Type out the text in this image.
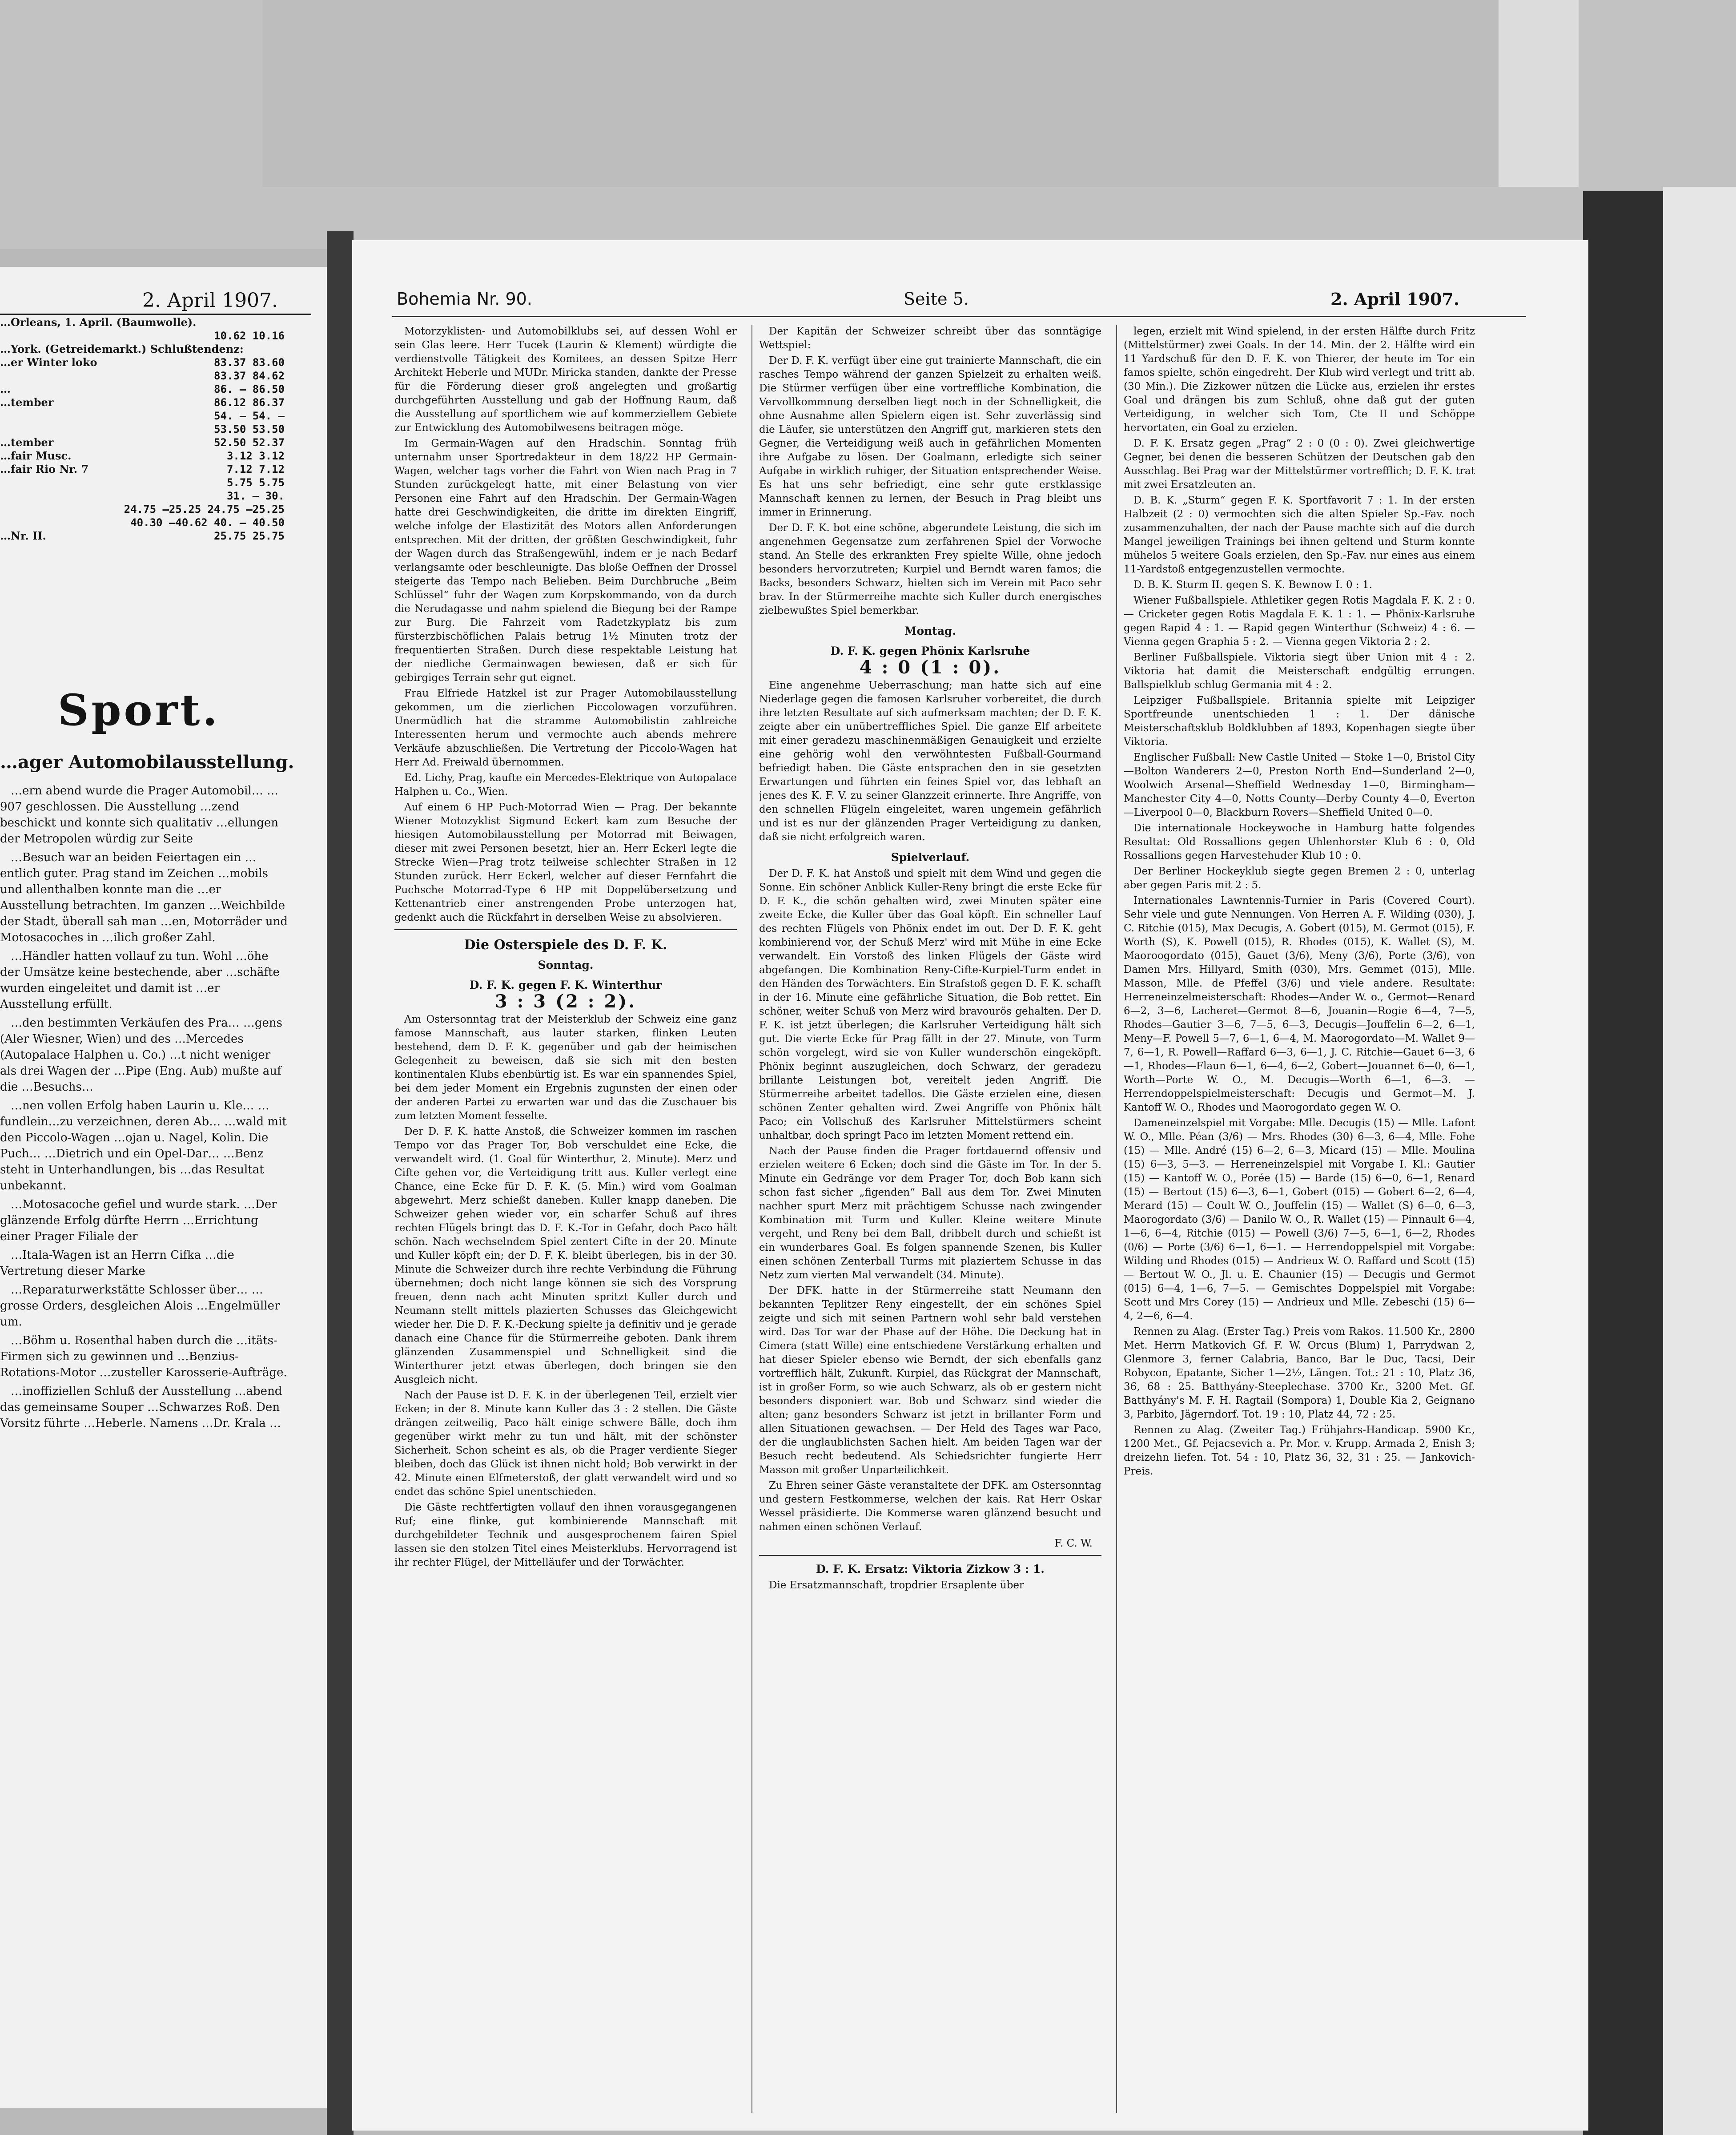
2. April 1907.
…Orleans, 1. April. (Baumwolle).
10.62 10.16
…York. (Getreidemarkt.) Schlußtendenz:
…er Winter loko	83.37 83.60
83.37 84.62
…	86. — 86.50
…tember	86.12 86.37
54. — 54. —
53.50 53.50
…tember	52.50 52.37
…fair Musc.	3.12 3.12
…fair Rio Nr. 7	7.12 7.12
5.75 5.75
31. — 30.
24.75 —25.25 24.75 —25.25
40.30 —40.62 40. — 40.50
…Nr. II.	25.75 25.75
Sport.
…ager Automobilausstellung.

…ern abend wurde die Prager Automobil… …907 geschlossen. Die Ausstellung …zend beschickt und konnte sich qualitativ …ellungen der Metropolen würdig zur Seite

…Besuch war an beiden Feiertagen ein …entlich guter. Prag stand im Zeichen …mobils und allenthalben konnte man die …er Ausstellung betrachten. Im ganzen …Weichbilde der Stadt, überall sah man …en, Motorräder und Motosacoches in …ilich großer Zahl.

…Händler hatten vollauf zu tun. Wohl …öhe der Umsätze keine bestechende, aber …schäfte wurden eingeleitet und damit ist …er Ausstellung erfüllt.

…den bestimmten Verkäufen des Pra… …gens (Aler Wiesner, Wien) und des …Mercedes (Autopalace Halphen u. Co.) …t nicht weniger als drei Wagen der …Pipe (Eng. Aub) mußte auf die …Besuchs…

…nen vollen Erfolg haben Laurin u. Kle… …fundlein…zu verzeichnen, deren Ab… …wald mit den Piccolo-Wagen …ojan u. Nagel, Kolin. Die Puch… …Dietrich und ein Opel-Dar… …Benz steht in Unterhandlungen, bis …das Resultat unbekannt.

…Motosacoche gefiel und wurde stark. …Der glänzende Erfolg dürfte Herrn …Errichtung einer Prager Filiale der

…Itala-Wagen ist an Herrn Cifka …die Vertretung dieser Marke

…Reparaturwerkstätte Schlosser über… …grosse Orders, desgleichen Alois …Engelmüller um.

…Böhm u. Rosenthal haben durch die …itäts-Firmen sich zu gewinnen und …Benzius-Rotations-Motor …zusteller Karosserie-Aufträge.

…inoffiziellen Schluß der Ausstellung …abend das gemeinsame Souper …Schwarzes Roß. Den Vorsitz führte …Heberle. Namens …Dr. Krala …

Bohemia Nr. 90.	Seite 5.	2. April 1907.

Motorzyklisten- und Automobilklubs sei, auf dessen Wohl er sein Glas leere. Herr Tucek (Laurin & Klement) würdigte die verdienstvolle Tätigkeit des Komitees, an dessen Spitze Herr Architekt Heberle und MUDr. Miricka standen, dankte der Presse für die Förderung dieser groß angelegten und großartig durchgeführten Ausstellung und gab der Hoffnung Raum, daß die Ausstellung auf sportlichem wie auf kommerziellem Gebiete zur Entwicklung des Automobilwesens beitragen möge.

Im Germain-Wagen auf den Hradschin. Sonntag früh unternahm unser Sportredakteur in dem 18/22 HP Germain-Wagen, welcher tags vorher die Fahrt von Wien nach Prag in 7 Stunden zurückgelegt hatte, mit einer Belastung von vier Personen eine Fahrt auf den Hradschin. Der Germain-Wagen hatte drei Geschwindigkeiten, die dritte im direkten Eingriff, welche infolge der Elastizität des Motors allen Anforderungen entsprechen. Mit der dritten, der größten Geschwindigkeit, fuhr der Wagen durch das Straßengewühl, indem er je nach Bedarf verlangsamte oder beschleunigte. Das bloße Oeffnen der Drossel steigerte das Tempo nach Belieben. Beim Durchbruche „Beim Schlüssel“ fuhr der Wagen zum Korpskommando, von da durch die Nerudagasse und nahm spielend die Biegung bei der Rampe zur Burg. Die Fahrzeit vom Radetzkyplatz bis zum fürsterzbischöflichen Palais betrug 1½ Minuten trotz der frequentierten Straßen. Durch diese respektable Leistung hat der niedliche Germainwagen bewiesen, daß er sich für gebirgiges Terrain sehr gut eignet.

Frau Elfriede Hatzkel ist zur Prager Automobilausstellung gekommen, um die zierlichen Piccolowagen vorzuführen. Unermüdlich hat die strammе Automobilistin zahlreiche Interessenten herum und vermochte auch abends mehrere Verkäufe abzuschließen. Die Vertretung der Piccolo-Wagen hat Herr Ad. Freiwald übernommen.

Ed. Lichy, Prag, kaufte ein Mercedes-Elektrique von Autopalace Halphen u. Co., Wien.

Auf einem 6 HP Puch-Motorrad Wien — Prag. Der bekannte Wiener Motozyklist Sigmund Eckert kam zum Besuche der hiesigen Automobilausstellung per Motorrad mit Beiwagen, dieser mit zwei Personen besetzt, hier an. Herr Eckerl legte die Strecke Wien—Prag trotz teilweise schlechter Straßen in 12 Stunden zurück. Herr Eckerl, welcher auf dieser Fernfahrt die Puchsche Motorrad-Type 6 HP mit Doppelübersetzung und Kettenantrieb einer anstrengenden Probe unterzogen hat, gedenkt auch die Rückfahrt in derselben Weise zu absolvieren.

Die Osterspiele des D. F. K.
Sonntag.
D. F. K. gegen F. K. Winterthur
3 : 3 (2 : 2).

Am Ostersonntag trat der Meisterklub der Schweiz eine ganz famose Mannschaft, aus lauter starken, flinken Leuten bestehend, dem D. F. K. gegenüber und gab der heimischen Gelegenheit zu beweisen, daß sie sich mit den besten kontinentalen Klubs ebenbürtig ist. Es war ein spannendes Spiel, bei dem jeder Moment ein Ergebnis zugunsten der einen oder der anderen Partei zu erwarten war und das die Zuschauer bis zum letzten Moment fesselte.

Der D. F. K. hatte Anstoß, die Schweizer kommen im raschen Tempo vor das Prager Tor, Bob verschuldet eine Ecke, die verwandelt wird. (1. Goal für Winterthur, 2. Minute). Merz und Cifte gehen vor, die Verteidigung tritt aus. Kuller verlegt eine Chance, eine Ecke für D. F. K. (5. Min.) wird vom Goalman abgewehrt. Merz schießt daneben. Kuller knapp daneben. Die Schweizer gehen wieder vor, ein scharfer Schuß auf ihres rechten Flügels bringt das D. F. K.-Tor in Gefahr, doch Paco hält schön. Nach wechselndem Spiel zentert Cifte in der 20. Minute und Kuller köpft ein; der D. F. K. bleibt überlegen, bis in der 30. Minute die Schweizer durch ihre rechte Verbindung die Führung übernehmen; doch nicht lange können sie sich des Vorsprung freuen, denn nach acht Minuten spritzt Kuller durch und Neumann stellt mittels plazierten Schusses das Gleichgewicht wieder her. Die D. F. K.-Deckung spielte ja definitiv und je gerade danach eine Chance für die Stürmerreihe geboten. Dank ihrem glänzenden Zusammenspiel und Schnelligkeit sind die Winterthurer jetzt etwas überlegen, doch bringen sie den Ausgleich nicht.

Nach der Pause ist D. F. K. in der überlegenen Teil, erzielt vier Ecken; in der 8. Minute kann Kuller das 3 : 2 stellen. Die Gäste drängen zeitweilig, Paco hält einige schwere Bälle, doch ihm gegenüber wirkt mehr zu tun und hält, mit der schönster Sicherheit. Schon scheint es als, ob die Prager verdiente Sieger bleiben, doch das Glück ist ihnen nicht hold; Bob verwirkt in der 42. Minute einen Elfmeterstoß, der glatt verwandelt wird und so endet das schöne Spiel unentschieden.

Die Gäste rechtfertigten vollauf den ihnen vorausgegangenen Ruf; eine flinke, gut kombinierende Mannschaft mit durchgebildeter Technik und ausgesprochenem fairen Spiel lassen sie den stolzen Titel eines Meisterklubs. Hervorragend ist ihr rechter Flügel, der Mittelläufer und der Torwächter.

Der Kapitän der Schweizer schreibt über das sonntägige Wettspiel:

Der D. F. K. verfügt über eine gut trainierte Mannschaft, die ein rasches Tempo während der ganzen Spielzeit zu erhalten weiß. Die Stürmer verfügen über eine vortreffliche Kombination, die Vervollkommnung derselben liegt noch in der Schnelligkeit, die ohne Ausnahme allen Spielern eigen ist. Sehr zuverlässig sind die Läufer, sie unterstützen den Angriff gut, markieren stets den Gegner, die Verteidigung weiß auch in gefährlichen Momenten ihre Aufgabe zu lösen. Der Goalmann, erledigte sich seiner Aufgabe in wirklich ruhiger, der Situation entsprechender Weise. Es hat uns sehr befriedigt, eine sehr gute erstklassige Mannschaft kennen zu lernen, der Besuch in Prag bleibt uns immer in Erinnerung.

Der D. F. K. bot eine schöne, abgerundete Leistung, die sich im angenehmen Gegensatze zum zerfahrenen Spiel der Vorwoche stand. An Stelle des erkrankten Frey spielte Wille, ohne jedoch besonders hervorzutreten; Kurpiel und Berndt waren famos; die Backs, besonders Schwarz, hielten sich im Verein mit Paco sehr brav. In der Stürmerreihe machte sich Kuller durch energisches zielbewußtes Spiel bemerkbar.

Montag.
D. F. K. gegen Phönix Karlsruhe
4 : 0 (1 : 0).

Eine angenehme Ueberraschung; man hatte sich auf eine Niederlage gegen die famosen Karlsruher vorbereitet, die durch ihre letzten Resultate auf sich aufmerksam machten; der D. F. K. zeigte aber ein unübertreffliches Spiel. Die ganze Elf arbeitete mit einer geradezu maschinenmäßigen Genauigkeit und erzielte eine gehörig wohl den verwöhntesten Fußball-Gourmand befriedigt haben. Die Gäste entsprachen den in sie gesetzten Erwartungen und führten ein feines Spiel vor, das lebhaft an jenes des K. F. V. zu seiner Glanzzeit erinnerte. Ihre Angriffe, von den schnellen Flügeln eingeleitet, waren ungemein gefährlich und ist es nur der glänzenden Prager Verteidigung zu danken, daß sie nicht erfolgreich waren.

Spielverlauf.

Der D. F. K. hat Anstoß und spielt mit dem Wind und gegen die Sonne. Ein schöner Anblick Kuller-Reny bringt die erste Ecke für D. F. K., die schön gehalten wird, zwei Minuten später eine zweite Ecke, die Kuller über das Goal köpft. Ein schneller Lauf des rechten Flügels von Phönix endet im out. Der D. F. K. geht kombinierend vor, der Schuß Merz' wird mit Mühe in eine Ecke verwandelt. Ein Vorstoß des linken Flügels der Gäste wird abgefangen. Die Kombination Reny-Cifte-Kurpiel-Turm endet in den Händen des Torwächters. Ein Strafstoß gegen D. F. K. schafft in der 16. Minute eine gefährliche Situation, die Bob rettet. Ein schöner, weiter Schuß von Merz wird bravourös gehalten. Der D. F. K. ist jetzt überlegen; die Karlsruher Verteidigung hält sich gut. Die vierte Ecke für Prag fällt in der 27. Minute, von Turm schön vorgelegt, wird sie von Kuller wunderschön eingeköpft. Phönix beginnt auszugleichen, doch Schwarz, der geradezu brillante Leistungen bot, vereitelt jeden Angriff. Die Stürmerreihe arbeitet tadellos. Die Gäste erzielen eine, diesen schönen Zenter gehalten wird. Zwei Angriffe von Phönix hält Paco; ein Vollschuß des Karlsruher Mittelstürmers scheint unhaltbar, doch springt Paco im letzten Moment rettend ein.

Nach der Pause finden die Prager fortdauernd offensiv und erzielen weitere 6 Ecken; doch sind die Gäste im Tor. In der 5. Minute ein Gedränge vor dem Prager Tor, doch Bob kann sich schon fast sicher „figenden“ Ball aus dem Tor. Zwei Minuten nachher spurt Merz mit prächtigem Schusse nach zwingender Kombination mit Turm und Kuller. Kleine weitere Minute vergeht, und Reny bei dem Ball, dribbelt durch und schießt ist ein wunderbares Goal. Es folgen spannende Szenen, bis Kuller einen schönen Zenterball Turms mit plaziertem Schusse in das Netz zum vierten Mal verwandelt (34. Minute).

Der DFK. hatte in der Stürmerreihe statt Neumann den bekannten Teplitzer Reny eingestellt, der ein schönes Spiel zeigte und sich mit seinen Partnern wohl sehr bald verstehen wird. Das Tor war der Phase auf der Höhe. Die Deckung hat in Cimera (statt Wille) eine entschiedene Verstärkung erhalten und hat dieser Spieler ebenso wie Berndt, der sich ebenfalls ganz vortrefflich hält, Zukunft. Kurpiel, das Rückgrat der Mannschaft, ist in großer Form, so wie auch Schwarz, als ob er gestern nicht besonders disponiert war. Bob und Schwarz sind wieder die alten; ganz besonders Schwarz ist jetzt in brillanter Form und allen Situationen gewachsen. — Der Held des Tages war Paco, der die unglaublichsten Sachen hielt. Am beiden Tagen war der Besuch recht bedeutend. Als Schiedsrichter fungierte Herr Masson mit großer Unparteilichkeit.

Zu Ehren seiner Gäste veranstaltete der DFK. am Ostersonntag und gestern Festkommerse, welchen der kais. Rat Herr Oskar Wessel präsidierte. Die Kommerse waren glänzend besucht und nahmen einen schönen Verlauf.

F. C. W.
D. F. K. Ersatz: Viktoria Zizkow 3 : 1.

Die Ersatzmannschaft, tropdrier Ersaplente über

legen, erzielt mit Wind spielend, in der ersten Hälfte durch Fritz (Mittelstürmer) zwei Goals. In der 14. Min. der 2. Hälfte wird ein 11 Yardschuß für den D. F. K. von Thierer, der heute im Tor ein famos spielte, schön eingedreht. Der Klub wird verlegt und tritt ab. (30 Min.). Die Zizkower nützen die Lücke aus, erzielen ihr erstes Goal und drängen bis zum Schluß, ohne daß gut der guten Verteidigung, in welcher sich Tom, Cte II und Schöppe hervortaten, ein Goal zu erzielen.

D. F. K. Ersatz gegen „Prag“ 2 : 0 (0 : 0). Zwei gleichwertige Gegner, bei denen die besseren Schützen der Deutschen gab den Ausschlag. Bei Prag war der Mittelstürmer vortrefflich; D. F. K. trat mit zwei Ersatzleuten an.

D. B. K. „Sturm“ gegen F. K. Sportfavorit 7 : 1. In der ersten Halbzeit (2 : 0) vermochten sich die alten Spieler Sp.-Fav. noch zusammenzuhalten, der nach der Pause machte sich auf die durch Mangel jeweiligen Trainings bei ihnen geltend und Sturm konnte mühelos 5 weitere Goals erzielen, den Sp.-Fav. nur eines aus einem 11-Yardstoß entgegenzustellen vermochte.

D. B. K. Sturm II. gegen S. K. Bewnow I. 0 : 1.

Wiener Fußballspiele. Athletiker gegen Rotis Magdala F. K. 2 : 0. — Cricketer gegen Rotis Magdala F. K. 1 : 1. — Phönix-Karlsruhe gegen Rapid 4 : 1. — Rapid gegen Winterthur (Schweiz) 4 : 6. — Vienna gegen Graphia 5 : 2. — Vienna gegen Viktoria 2 : 2.

Berliner Fußballspiele. Viktoria siegt über Union mit 4 : 2. Viktoria hat damit die Meisterschaft endgültig errungen. Ballspielklub schlug Germania mit 4 : 2.

Leipziger Fußballspiele. Britannia spielte mit Leipziger Sportfreunde unentschieden 1 : 1. Der dänische Meisterschaftsklub Boldklubben af 1893, Kopenhagen siegte über Viktoria.

Englischer Fußball: New Castle United — Stoke 1—0, Bristol City—Bolton Wanderers 2—0, Preston North End—Sunderland 2—0, Woolwich Arsenal—Sheffield Wednesday 1—0, Birmingham—Manchester City 4—0, Notts County—Derby County 4—0, Everton—Liverpool 0—0, Blackburn Rovers—Sheffield United 0—0.

Die internationale Hockeywoche in Hamburg hatte folgendes Resultat: Old Rossallions gegen Uhlenhorster Klub 6 : 0, Old Rossallions gegen Harvestehuder Klub 10 : 0.

Der Berliner Hockeyklub siegte gegen Bremen 2 : 0, unterlag aber gegen Paris mit 2 : 5.

Internationales Lawntennis-Turnier in Paris (Covered Court). Sehr viele und gute Nennungen. Von Herren A. F. Wilding (030), J. C. Ritchie (015), Max Decugis, A. Gobert (015), M. Germot (015), F. Worth (S), K. Powell (015), R. Rhodes (015), K. Wallet (S), M. Maoroogordato (015), Gauet (3/6), Meny (3/6), Porte (3/6), von Damen Mrs. Hillyard, Smith (030), Mrs. Gemmet (015), Mlle. Masson, Mlle. de Pfeffel (3/6) und viele andere. Resultate: Herreneinzelmeisterschaft: Rhodes—Ander W. o., Germot—Renard 6—2, 3—6, Lacheret—Germot 8—6, Jouanin—Rogie 6—4, 7—5, Rhodes—Gautier 3—6, 7—5, 6—3, Decugis—Jouffelin 6—2, 6—1, Meny—F. Powell 5—7, 6—1, 6—4, M. Maorogordato—M. Wallet 9—7, 6—1, R. Powell—Raffard 6—3, 6—1, J. C. Ritchie—Gauet 6—3, 6—1, Rhodes—Flaun 6—1, 6—4, 6—2, Gobert—Jouannet 6—0, 6—1, Worth—Porte W. O., M. Decugis—Worth 6—1, 6—3. — Herrendoppelspielmeisterschaft: Decugis und Germot—M. J. Kantoff W. O., Rhodes und Maorogordato gegen W. O.

Dameneinzelspiel mit Vorgabe: Mlle. Decugis (15) — Mlle. Lafont W. O., Mlle. Péan (3/6) — Mrs. Rhodes (30) 6—3, 6—4, Mlle. Fohe (15) — Mlle. André (15) 6—2, 6—3, Micard (15) — Mlle. Moulina (15) 6—3, 5—3. — Herreneinzelspiel mit Vorgabe I. Kl.: Gautier (15) — Kantoff W. O., Porée (15) — Barde (15) 6—0, 6—1, Renard (15) — Bertout (15) 6—3, 6—1, Gobert (015) — Gobert 6—2, 6—4, Merard (15) — Coult W. O., Jouffelin (15) — Wallet (S) 6—0, 6—3, Maorogordato (3/6) — Danilo W. O., R. Wallet (15) — Pinnault 6—4, 1—6, 6—4, Ritchie (015) — Powell (3/6) 7—5, 6—1, 6—2, Rhodes (0/6) — Porte (3/6) 6—1, 6—1. — Herrendoppelspiel mit Vorgabe: Wilding und Rhodes (015) — Andrieux W. O. Raffard und Scott (15) — Bertout W. O., Jl. u. E. Chaunier (15) — Decugis und Germot (015) 6—4, 1—6, 7—5. — Gemischtes Doppelspiel mit Vorgabe: Scott und Mrs Corey (15) — Andrieux und Mlle. Zebeschi (15) 6—4, 2—6, 6—4.

Rennen zu Alag. (Erster Tag.) Preis vom Rakos. 11.500 Kr., 2800 Met. Herrn Matkovich Gf. F. W. Orcus (Blum) 1, Parrydwan 2, Glenmore 3, ferner Calabria, Banco, Bar le Duc, Tacsi, Deir Robycon, Epatante, Sicher 1—2½, Längen. Tot.: 21 : 10, Platz 36, 36, 68 : 25. Batthyány-Steeplechase. 3700 Kr., 3200 Met. Gf. Batthyány's M. F. H. Ragtail (Sompora) 1, Double Kia 2, Geignano 3, Parbito, Jägerndorf. Tot. 19 : 10, Platz 44, 72 : 25.

Rennen zu Alag. (Zweiter Tag.) Frühjahrs-Handicap. 5900 Kr., 1200 Met., Gf. Pejacsevich a. Pr. Mor. v. Krupp. Armada 2, Enish 3; dreizehn liefen. Tot. 54 : 10, Platz 36, 32, 31 : 25. — Jankovich-Preis.
